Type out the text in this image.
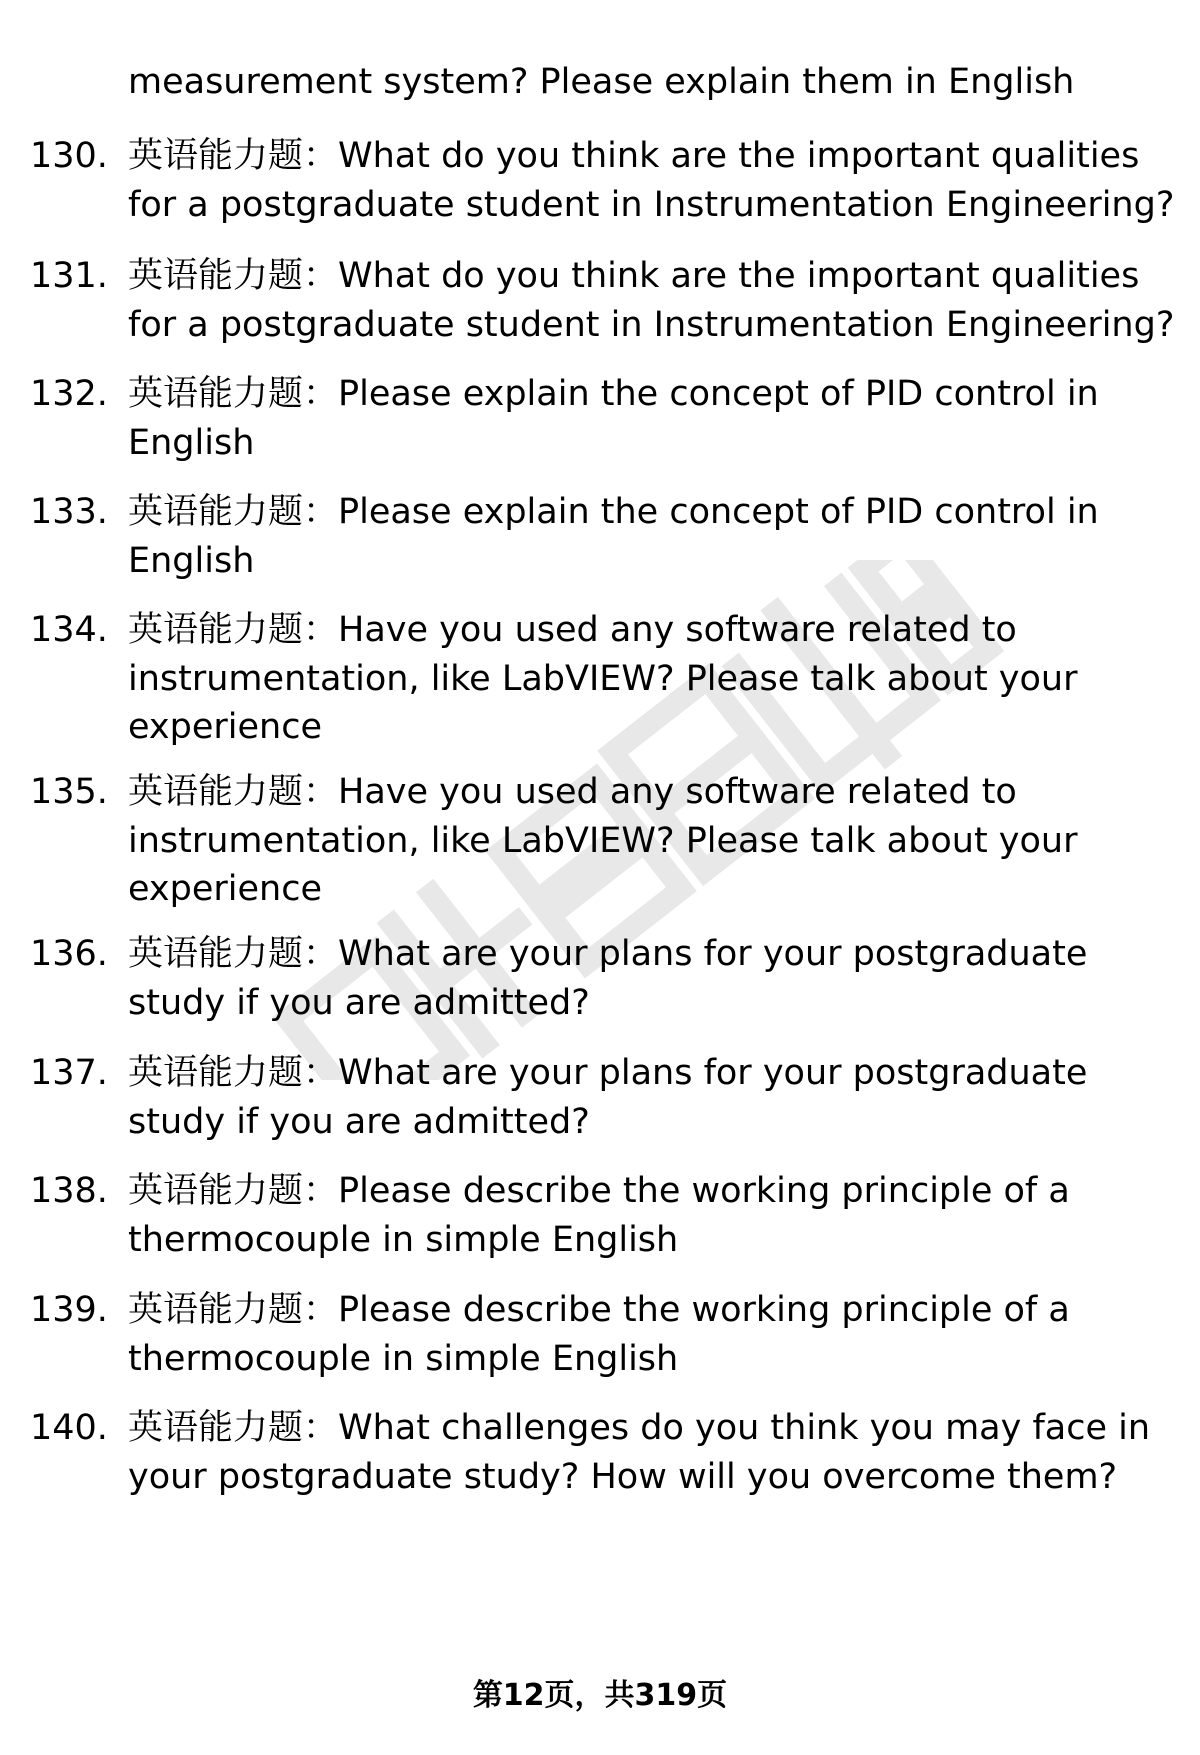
measurement system? Please explain them in English
130. 英语能力题：What do you think are the important qualities
for a postgraduate student in Instrumentation Engineering?
131. 英语能力题：What do you think are the important qualities
for a postgraduate student in Instrumentation Engineering?
132. 英语能力题：Please explain the concept of PID control in
English
133. 英语能力题：Please explain the concept of PID control in
English
134. 英语能力题：Have you used any software related to
instrumentation, like LabVIEW? Please talk about your
experience
135. 英语能力题：Have you used any software related to
instrumentation, like LabVIEW? Please talk about your
experience
136. 英语能力题：What are your plans for your postgraduate
study if you are admitted?
137. 英语能力题：What are your plans for your postgraduate
study if you are admitted?
138. 英语能力题：Please describe the working principle of a
thermocouple in simple English
139. 英语能力题：Please describe the working principle of a
thermocouple in simple English
140. 英语能力题：What challenges do you think you may face in
your postgraduate study? How will you overcome them?
第12页，共319页
